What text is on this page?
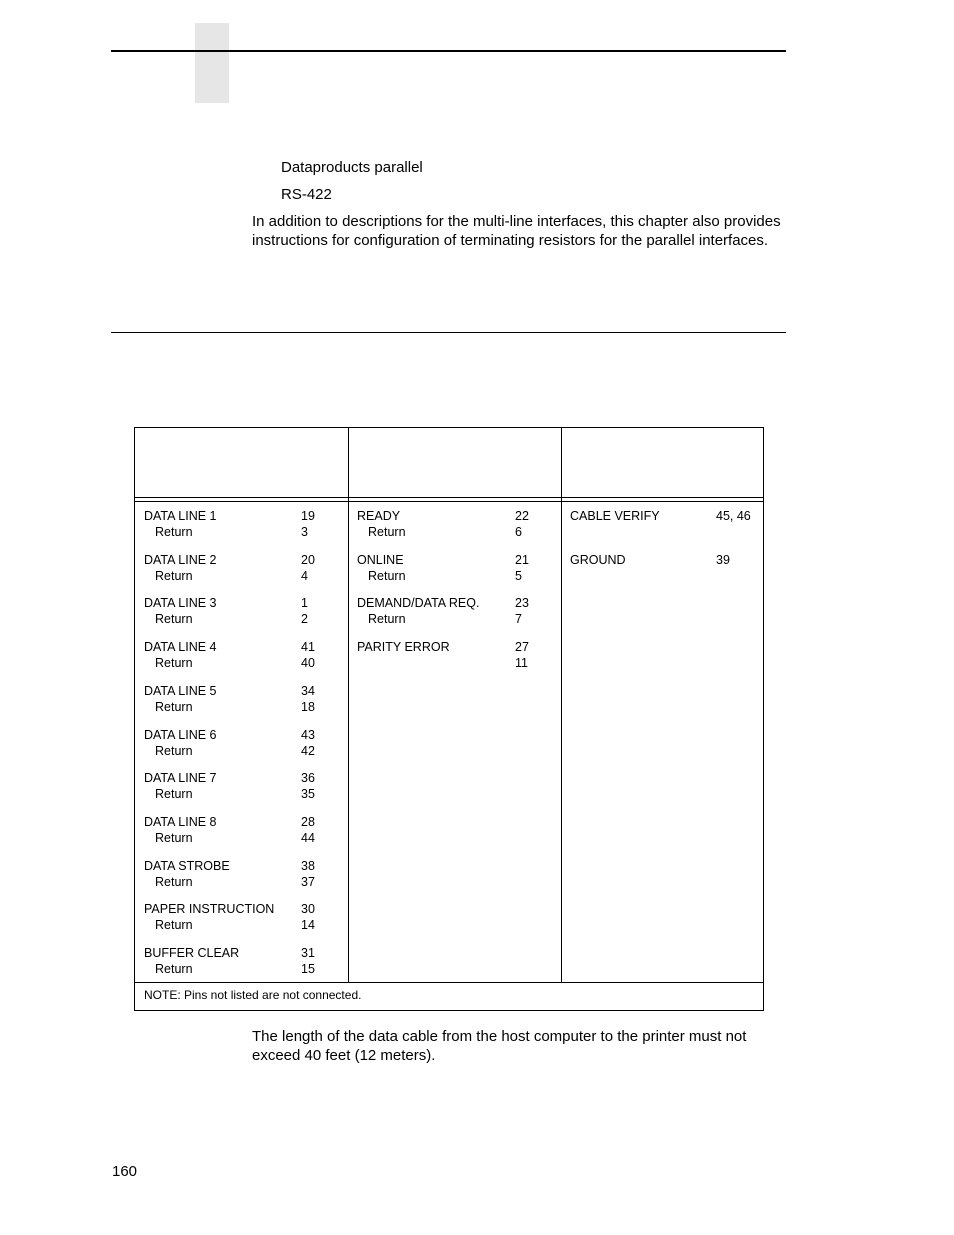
Dataproducts parallel
RS-422
In addition to descriptions for the multi-line interfaces, this chapter also provides instructions for configuration of terminating resistors for the parallel interfaces.
DATA LINE 1	19
Return	3
DATA LINE 2	20
Return	4
DATA LINE 3	1
Return	2
DATA LINE 4	41
Return	40
DATA LINE 5	34
Return	18
DATA LINE 6	43
Return	42
DATA LINE 7	36
Return	35
DATA LINE 8	28
Return	44
DATA STROBE	38
Return	37
PAPER INSTRUCTION 30
Return	14
BUFFER CLEAR	31
Return	15
READY	22
Return	6
ONLINE	21
Return	5
DEMAND/DATA REQ.	23
Return	7
PARITY ERROR	27
11
CABLE VERIFY	45, 46
GROUND	39
NOTE: Pins not listed are not connected.
The length of the data cable from the host computer to the printer must not exceed 40 feet (12 meters).
160
